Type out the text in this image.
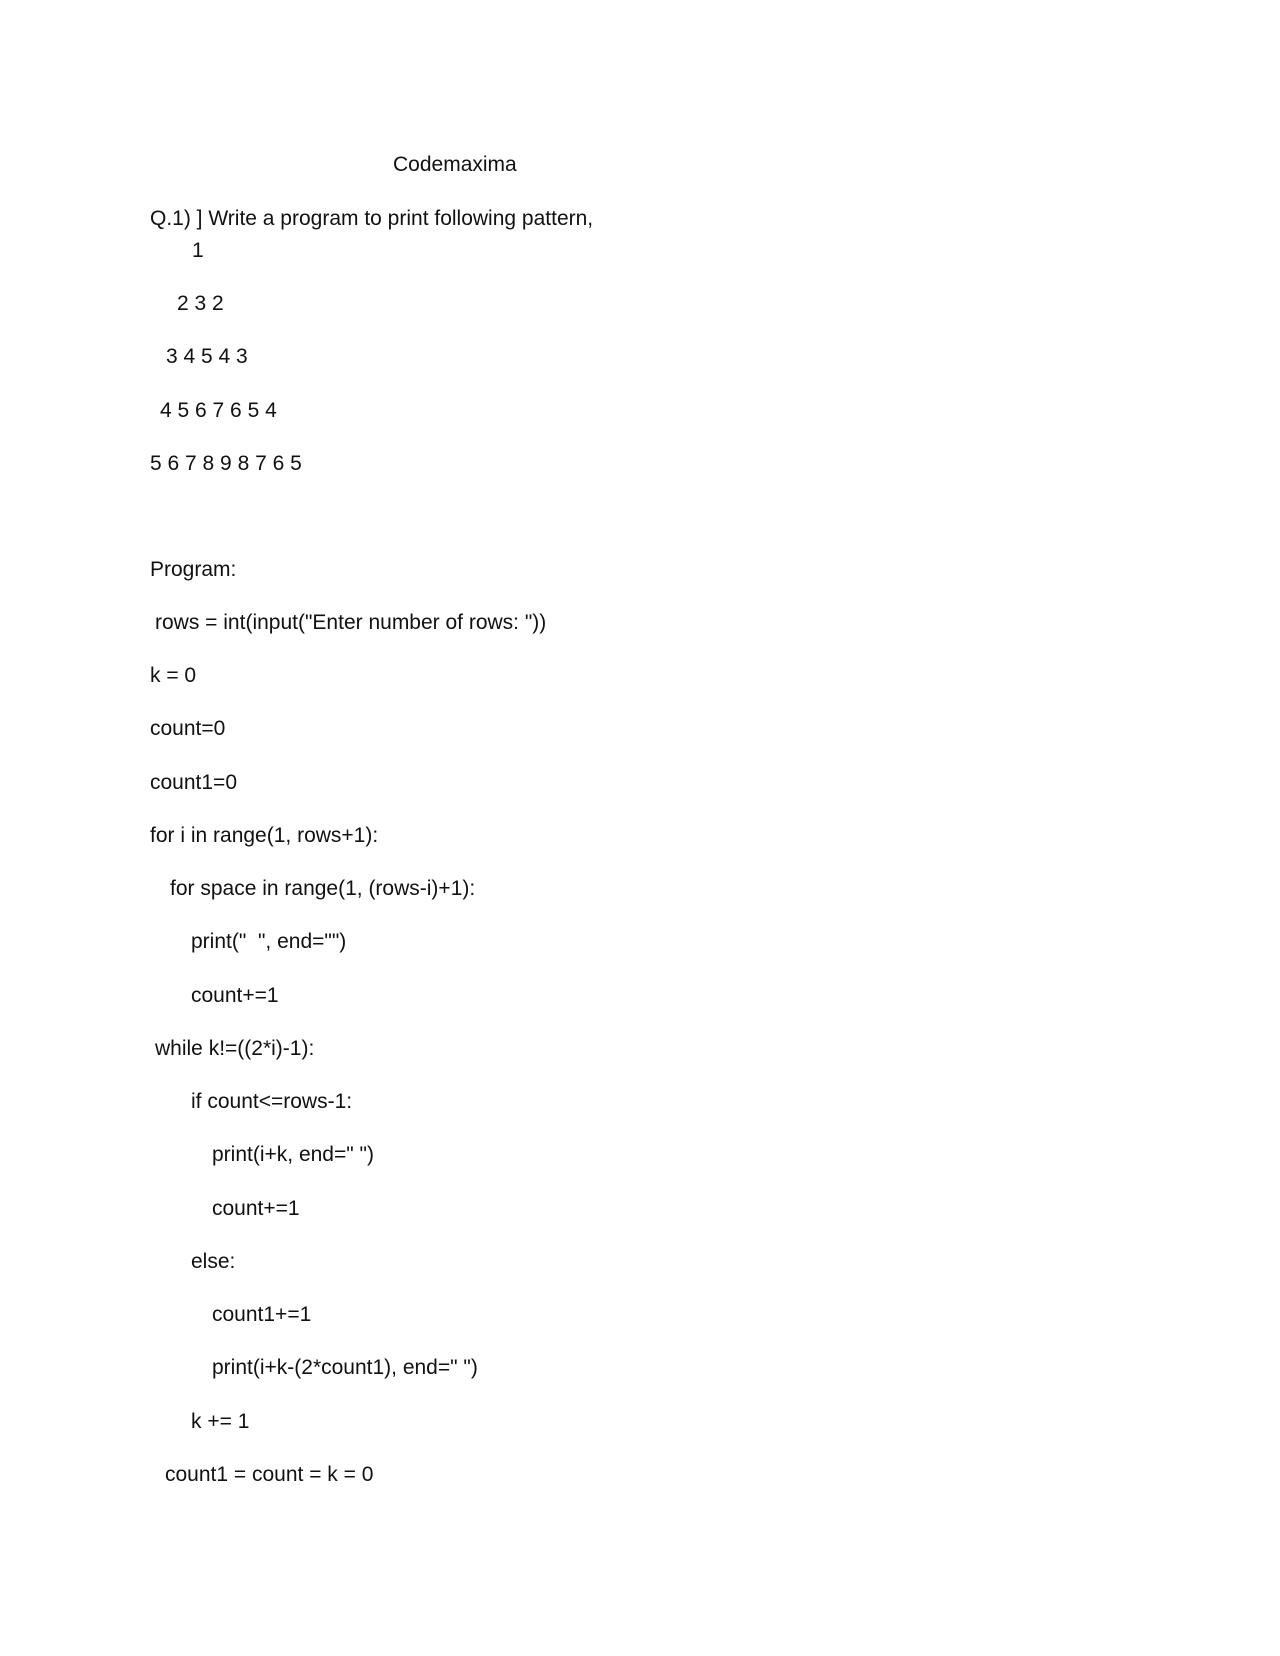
Codemaxima

Q.1) ] Write a program to print following pattern,

1

2 3 2

3 4 5 4 3

4 5 6 7 6 5 4

5 6 7 8 9 8 7 6 5

Program:

rows = int(input("Enter number of rows: "))

k = 0

count=0

count1=0

for i in range(1, rows+1):

for space in range(1, (rows-i)+1):

print("  ", end="")

count+=1

while k!=((2*i)-1):

if count<=rows-1:

print(i+k, end=" ")

count+=1

else:

count1+=1

print(i+k-(2*count1), end=" ")

k += 1

count1 = count = k = 0
